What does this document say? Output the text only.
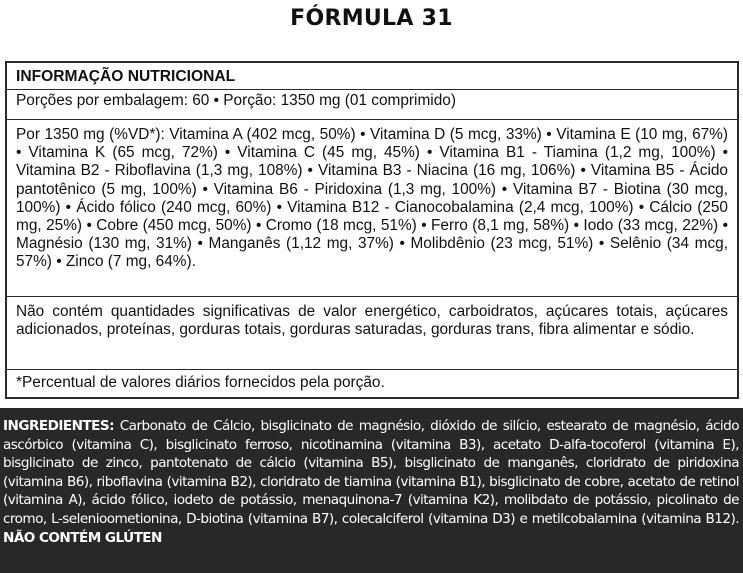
FÓRMULA 31
INFORMAÇÃO NUTRICIONAL
Porções por embalagem: 60 • Porção: 1350 mg (01 comprimido)
Por 1350 mg (%VD*): Vitamina A (402 mcg, 50%) • Vitamina D (5 mcg, 33%) • Vitamina E (10 mg, 67%) • Vitamina K (65 mcg, 72%) • Vitamina C (45 mg, 45%) • Vitamina B1 - Tiamina (1,2 mg, 100%) • Vitamina B2 - Riboflavina (1,3 mg, 108%) • Vitamina B3 - Niacina (16 mg, 106%) • Vitamina B5 - Ácido pantotênico (5 mg, 100%) • Vitamina B6 - Piridoxina (1,3 mg, 100%) • Vitamina B7 - Biotina (30 mcg, 100%) • Ácido fólico (240 mcg, 60%) • Vitamina B12 - Cianocobalamina (2,4 mcg, 100%) • Cálcio (250 mg, 25%) • Cobre (450 mcg, 50%) • Cromo (18 mcg, 51%) • Ferro (8,1 mg, 58%) • Iodo (33 mcg, 22%) • Magnésio (130 mg, 31%) • Manganês (1,12 mg, 37%) • Molibdênio (23 mcg, 51%) • Selênio (34 mcg, 57%) • Zinco (7 mg, 64%).
Não contém quantidades significativas de valor energético, carboidratos, açúcares totais, açúcares adicionados, proteínas, gorduras totais, gorduras saturadas, gorduras trans, fibra alimentar e sódio.
*Percentual de valores diários fornecidos pela porção.
INGREDIENTES: Carbonato de Cálcio, bisglicinato de magnésio, dióxido de silício, estearato de magnésio, ácido ascórbico (vitamina C), bisglicinato ferroso, nicotinamina (vitamina B3), acetato D-alfa-tocoferol (vitamina E), bisglicinato de zinco, pantotenato de cálcio (vitamina B5), bisglicinato de manganês, cloridrato de piridoxina (vitamina B6), riboflavina (vitamina B2), cloridrato de tiamina (vitamina B1), bisglicinato de cobre, acetato de retinol (vitamina A), ácido fólico, iodeto de potássio, menaquinona-7 (vitamina K2), molibdato de potássio, picolinato de cromo, L-selenioometionina, D-biotina (vitamina B7), colecalciferol (vitamina D3) e metilcobalamina (vitamina B12). NÃO CONTÉM GLÚTEN
